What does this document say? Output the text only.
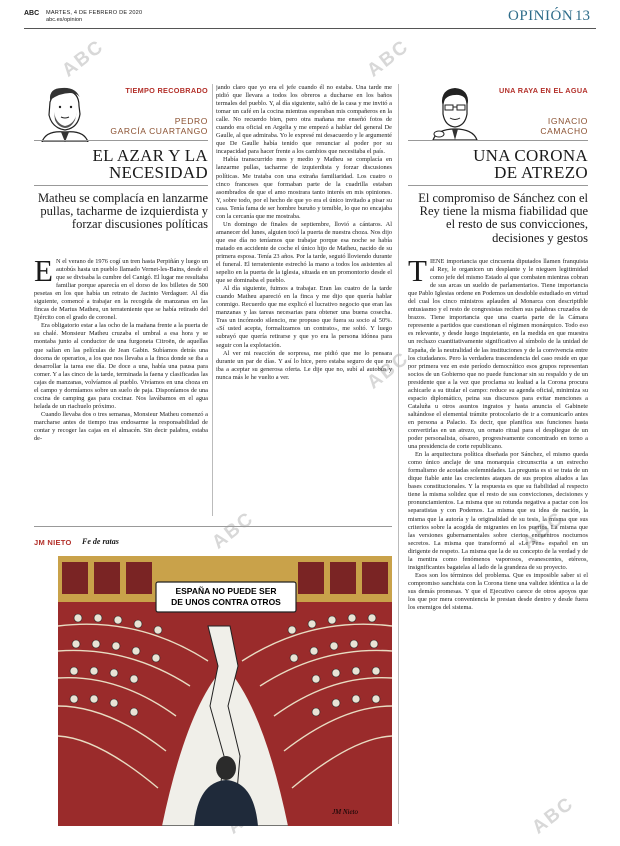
ABC MARTES, 4 DE FEBRERO DE 2020
abc.es/opinion	OPINIÓN 13
ABC	ABC
ABC
ABC	ABC
ABC
TIEMPO RECOBRADO
PEDRO
GARCÍA CUARTANGO
EL AZAR Y LA
NECESIDAD
Matheu se complacía en lanzarme pullas, tacharme de izquierdista y forzar discusiones políticas

E N el verano de 1976 cogí un tren hasta Perpiñán y luego un autobús hasta un pueblo llamado Vernet-les-Bains, desde el que se divisaba la cumbre del Canigó. El lugar me resultaba familiar porque aparecía en el dorso de los billetes de 500 pesetas en los que había un retrato de Jacinto Verdaguer. Al día siguiente, comencé a trabajar en la recogida de manzanas en las fincas de Marius Matheu, un terrateniente que se había retirado del Ejército con el grado de coronel.

Era obligatorio estar a las ocho de la mañana frente a la puerta de su chalé. Monsieur Matheu cruzaba el umbral a esa hora y se montaba junto al conductor de una furgoneta Citroën, de aquellas que salían en las películas de Jean Gabin. Subíamos detrás una docena de operarios, a los que nos llevaba a la finca donde se iba a desarrollar la tarea ese día. De doce a una, había una pausa para comer. Y a las cinco de la tarde, terminada la faena y clasificadas las cajas de manzanas, volvíamos al pueblo. Vivíamos en una choza en el campo y dormíamos sobre un suelo de paja. Disponíamos de una cocina de camping gas para cocinar. Nos lavábamos en el agua helada de un riachuelo próximo.

Cuando llevaba dos o tres semanas, Monsieur Matheu comenzó a marcharse antes de tiempo tras endosarme la responsabilidad de contar y recoger las cajas en el almacén. Sin decir palabra, estaba de-

jando claro que yo era el jefe cuando él no estaba. Una tarde me pidió que llevara a todos los obreros a ducharse en los baños termales del pueblo. Y, al día siguiente, salió de la casa y me invitó a tomar un café en la cocina mientras esperaban mis compañeros en la calle. No recuerdo bien, pero otra mañana me enseñó fotos de cuando era oficial en Argelia y me empezó a hablar del general De Gaulle, al que admiraba. Yo le expresé mi desacuerdo y le argumenté que De Gaulle había tenido que renunciar al poder por su incapacidad para hacer frente a los cambios que necesitaba el país.

Había transcurrido mes y medio y Matheu se complacía en lanzarme pullas, tacharme de izquierdista y forzar discusiones políticas. Me trataba con una extraña familiaridad. Los cuatro o cinco franceses que formaban parte de la cuadrilla estaban asombrados de que el amo mostrara tanto interés en mis opiniones. Y, sobre todo, por el hecho de que yo era el único invitado a pisar su casa. Tenía fama de ser hombre buruño y temible, lo que no encajaba con la cercanía que me mostraba.

Un domingo de finales de septiembre, llovió a cántaros. Al amanecer del lunes, alguien tocó la puerta de nuestra choza. Nos dijo que ese día no teníamos que trabajar porque esa noche se había matado en accidente de coche el único hijo de Matheu, nacido de su primera esposa. Tenía 23 años. Por la tarde, seguió lloviendo durante el funeral. El terrateniente estrechó la mano a todos los asistentes al sepelio en la puerta de la iglesia, situada en un promontorio desde el que se dominaba el pueblo.

Al día siguiente, fuimos a trabajar. Eran las cuatro de la tarde cuando Matheu apareció en la finca y me dijo que quería hablar conmigo. Recuerdo que me explicó el lucrativo negocio que eran las manzanas y las tareas necesarias para obtener una buena cosecha. Tras un incómodo silencio, me propuso que fuera su socio al 50%. «Sí usted acepta, formalizamos un contrato», me soltó. Y luego subrayó que quería retirarse y que yo era la persona idónea para seguir con la explotación.

Al ver mi reacción de sorpresa, me pidió que me lo pensara durante un par de días. Y así lo hice, pero estaba seguro de que no iba a aceptar su generosa oferta. Le dije que no, subí al autobús y nunca más le he vuelto a ver.

UNA RAYA EN EL AGUA
IGNACIO
CAMACHO
UNA CORONA
DE ATREZO
El compromiso de Sánchez con el Rey tiene la misma fiabilidad que el resto de sus convicciones, decisiones y gestos

TIENE importancia que cincuenta diputados llamen franquista al Rey, le organicen un desplante y le nieguen legitimidad como jefe del mismo Estado al que combaten mientras cobran de sus arcas un sueldo de parlamentarios. Tiene importancia que Pablo Iglesias ordene en Podemos un desdoble estudiado en virtud del cual los cinco ministros aplauden al Monarca con descriptible entusiasmo y el resto de congresistas reciben sus palabras cruzados de brazos. Tiene importancia que una cuarta parte de la Cámara represente a partidos que cuestionan el régimen monárquico. Todo eso es relevante, y desde luego inquietante, en la medida en que muestra un rechazo cuantitativamente significativo al símbolo de la unidad de España, de la neutralidad de las instituciones y de la convivencia entre los ciudadanos. Pero la verdadera trascendencia del caso reside en que por primera vez en este período democrático esos grupos representan socios de un Gobierno que no puede funcionar sin su respaldo y de un presidente que a la vez que proclama su lealtad a la Corona procura achicarle a su titular el campo: reduce su agenda oficial, minimiza su espacio diplomático, peina sus discursos para evitar menciones a Cataluña u otros asuntos ingratos y hasta anuncia el Gabinete saltándose el elemental trámite protocolario de ir a comunicarlo antes en persona a Palacio. Es decir, que planifica sus funciones hasta convertirlas en un atrezo, un ornato ritual para el despliegue de un poder personalista, césareo, progresivamente concentrado en torno a una presidencia de corte republicano.

En la arquitectura política diseñada por Sánchez, el mismo queda como único anclaje de una monarquía circunscrita a un estrecho formalismo de acotadas solemnidades. La pregunta es si se trata de un dique fiable ante las crecientes ataques de sus propios aliados a las bases constitucionales. Y la respuesta es que su fiabilidad al respecto tiene la misma solidez que el resto de sus convicciones, decisiones y pronunciamientos. La misma que su rotunda negativa a pactar con los separatistas y con Podemos. La misma que su idea de nación, la misma que la autoría y la originalidad de su tesis, la misma que sus criterios sobre la acogida de migrantes en los puertos. La misma que las versiones gubernamentales sobre ciertos encuentros nocturnos secretos. La misma que transformó al «Le Pen» español en un dirigente de respeto. La misma que la de su concepto de la verdad y de la mentira como fenómenos vaporosos, evanescentes, etéreos, insignificantes bagatelas al lado de la grandeza de su proyecto.

Esos son los términos del problema. Que es imposible saber si el compromiso sanchista con la Corona tiene una validez idéntica a la de sus demás promesas. Y que el Ejecutivo carece de otros apoyos que los que por mera conveniencia le prestan desde dentro y desde fuera los enemigos del sistema.

JM NIETO Fe de ratas
ESPAÑA NO PUEDE SER
DE UNOS CONTRA OTROS
JM Nieto
